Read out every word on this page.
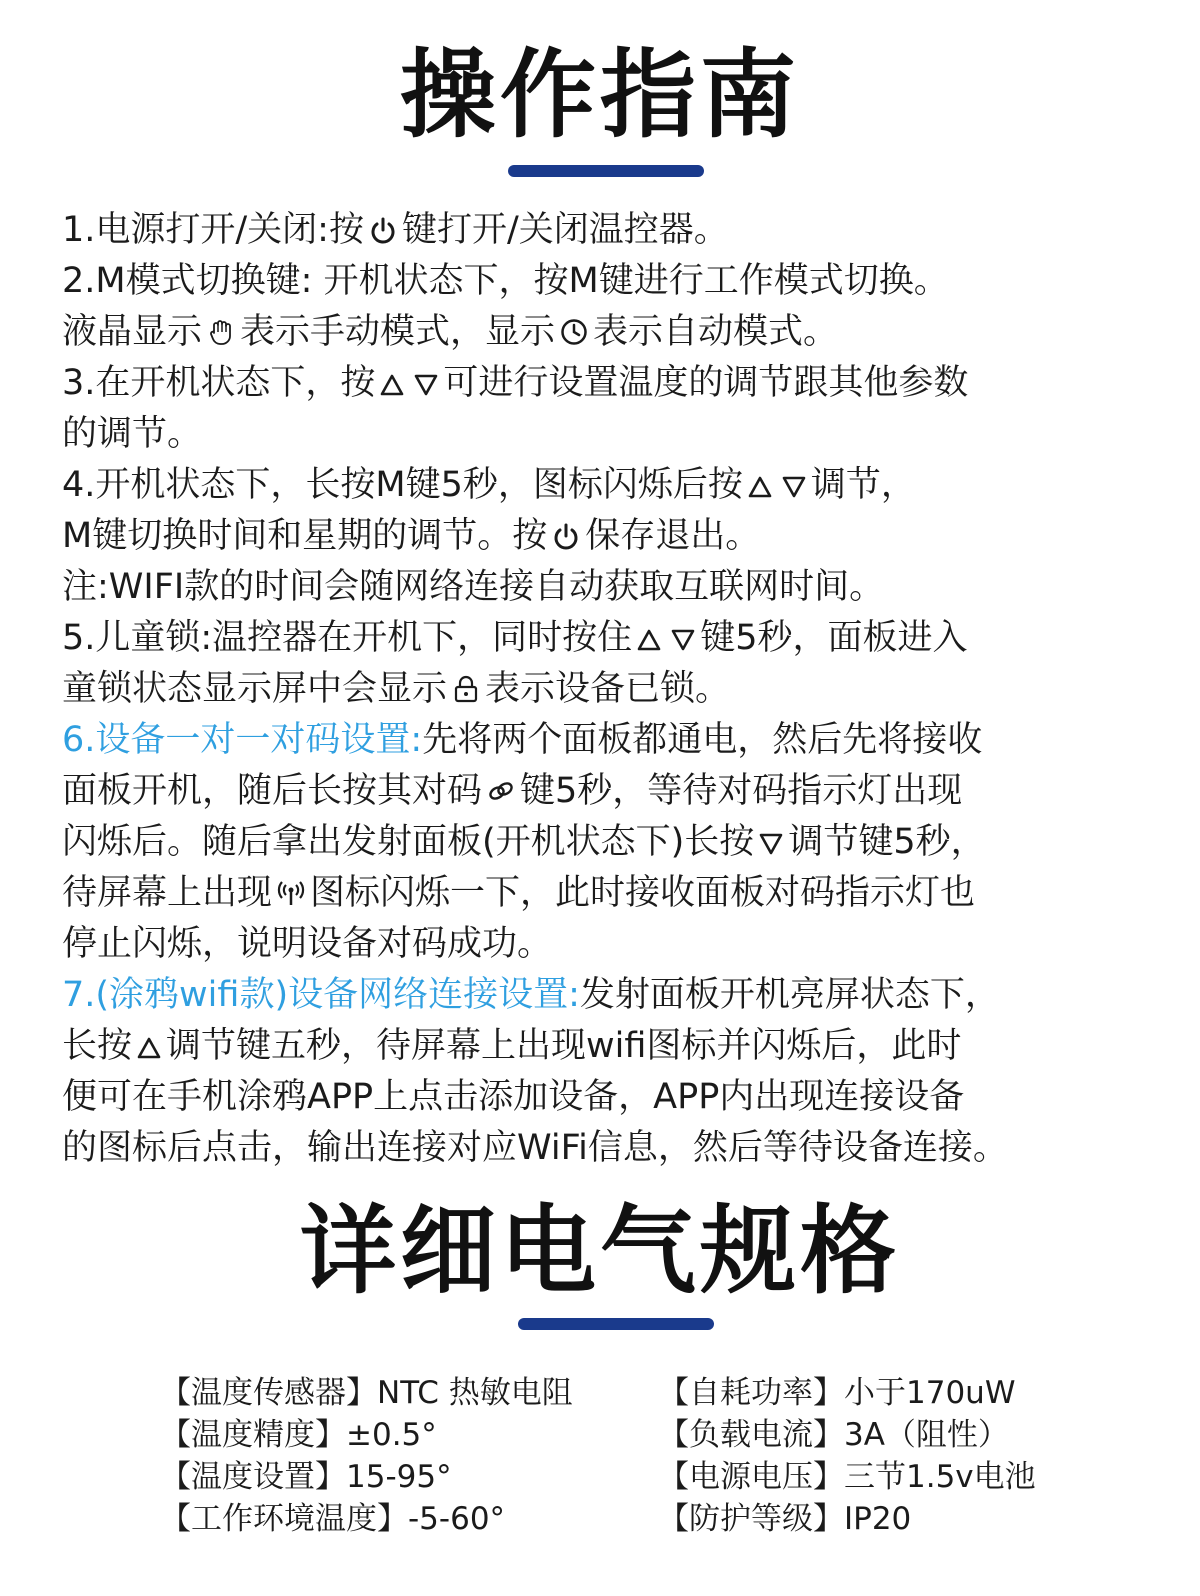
操作指南
1.电源打开/关闭:按 键打开/关闭温控器。
2.M模式切换键: 开机状态下，按M键进行工作模式切换。
液晶显示 表示手动模式，显示 表示自动模式。
3.在开机状态下，按 可进行设置温度的调节跟其他参数
的调节。
4.开机状态下，长按M键5秒，图标闪烁后按 调节，
M键切换时间和星期的调节。按 保存退出。
注:WIFI款的时间会随网络连接自动获取互联网时间。
5.儿童锁:温控器在开机下，同时按住 键5秒，面板进入
童锁状态显示屏中会显示 表示设备已锁。
6.设备一对一对码设置:先将两个面板都通电，然后先将接收
面板开机，随后长按其对码 键5秒，等待对码指示灯出现
闪烁后。随后拿出发射面板(开机状态下)长按 调节键5秒，
待屏幕上出现 图标闪烁一下，此时接收面板对码指示灯也
停止闪烁，说明设备对码成功。
7.(涂鸦wifi款)设备网络连接设置:发射面板开机亮屏状态下，
长按 调节键五秒，待屏幕上出现wifi图标并闪烁后，此时
便可在手机涂鸦APP上点击添加设备，APP内出现连接设备
的图标后点击，输出连接对应WiFi信息，然后等待设备连接。
详细电气规格
【温度传感器】NTC 热敏电阻	【自耗功率】小于170uW
【温度精度】±0.5°	【负载电流】3A（阻性）
【温度设置】15-95°	【电源电压】三节1.5v电池
【工作环境温度】-5-60°	【防护等级】IP20
